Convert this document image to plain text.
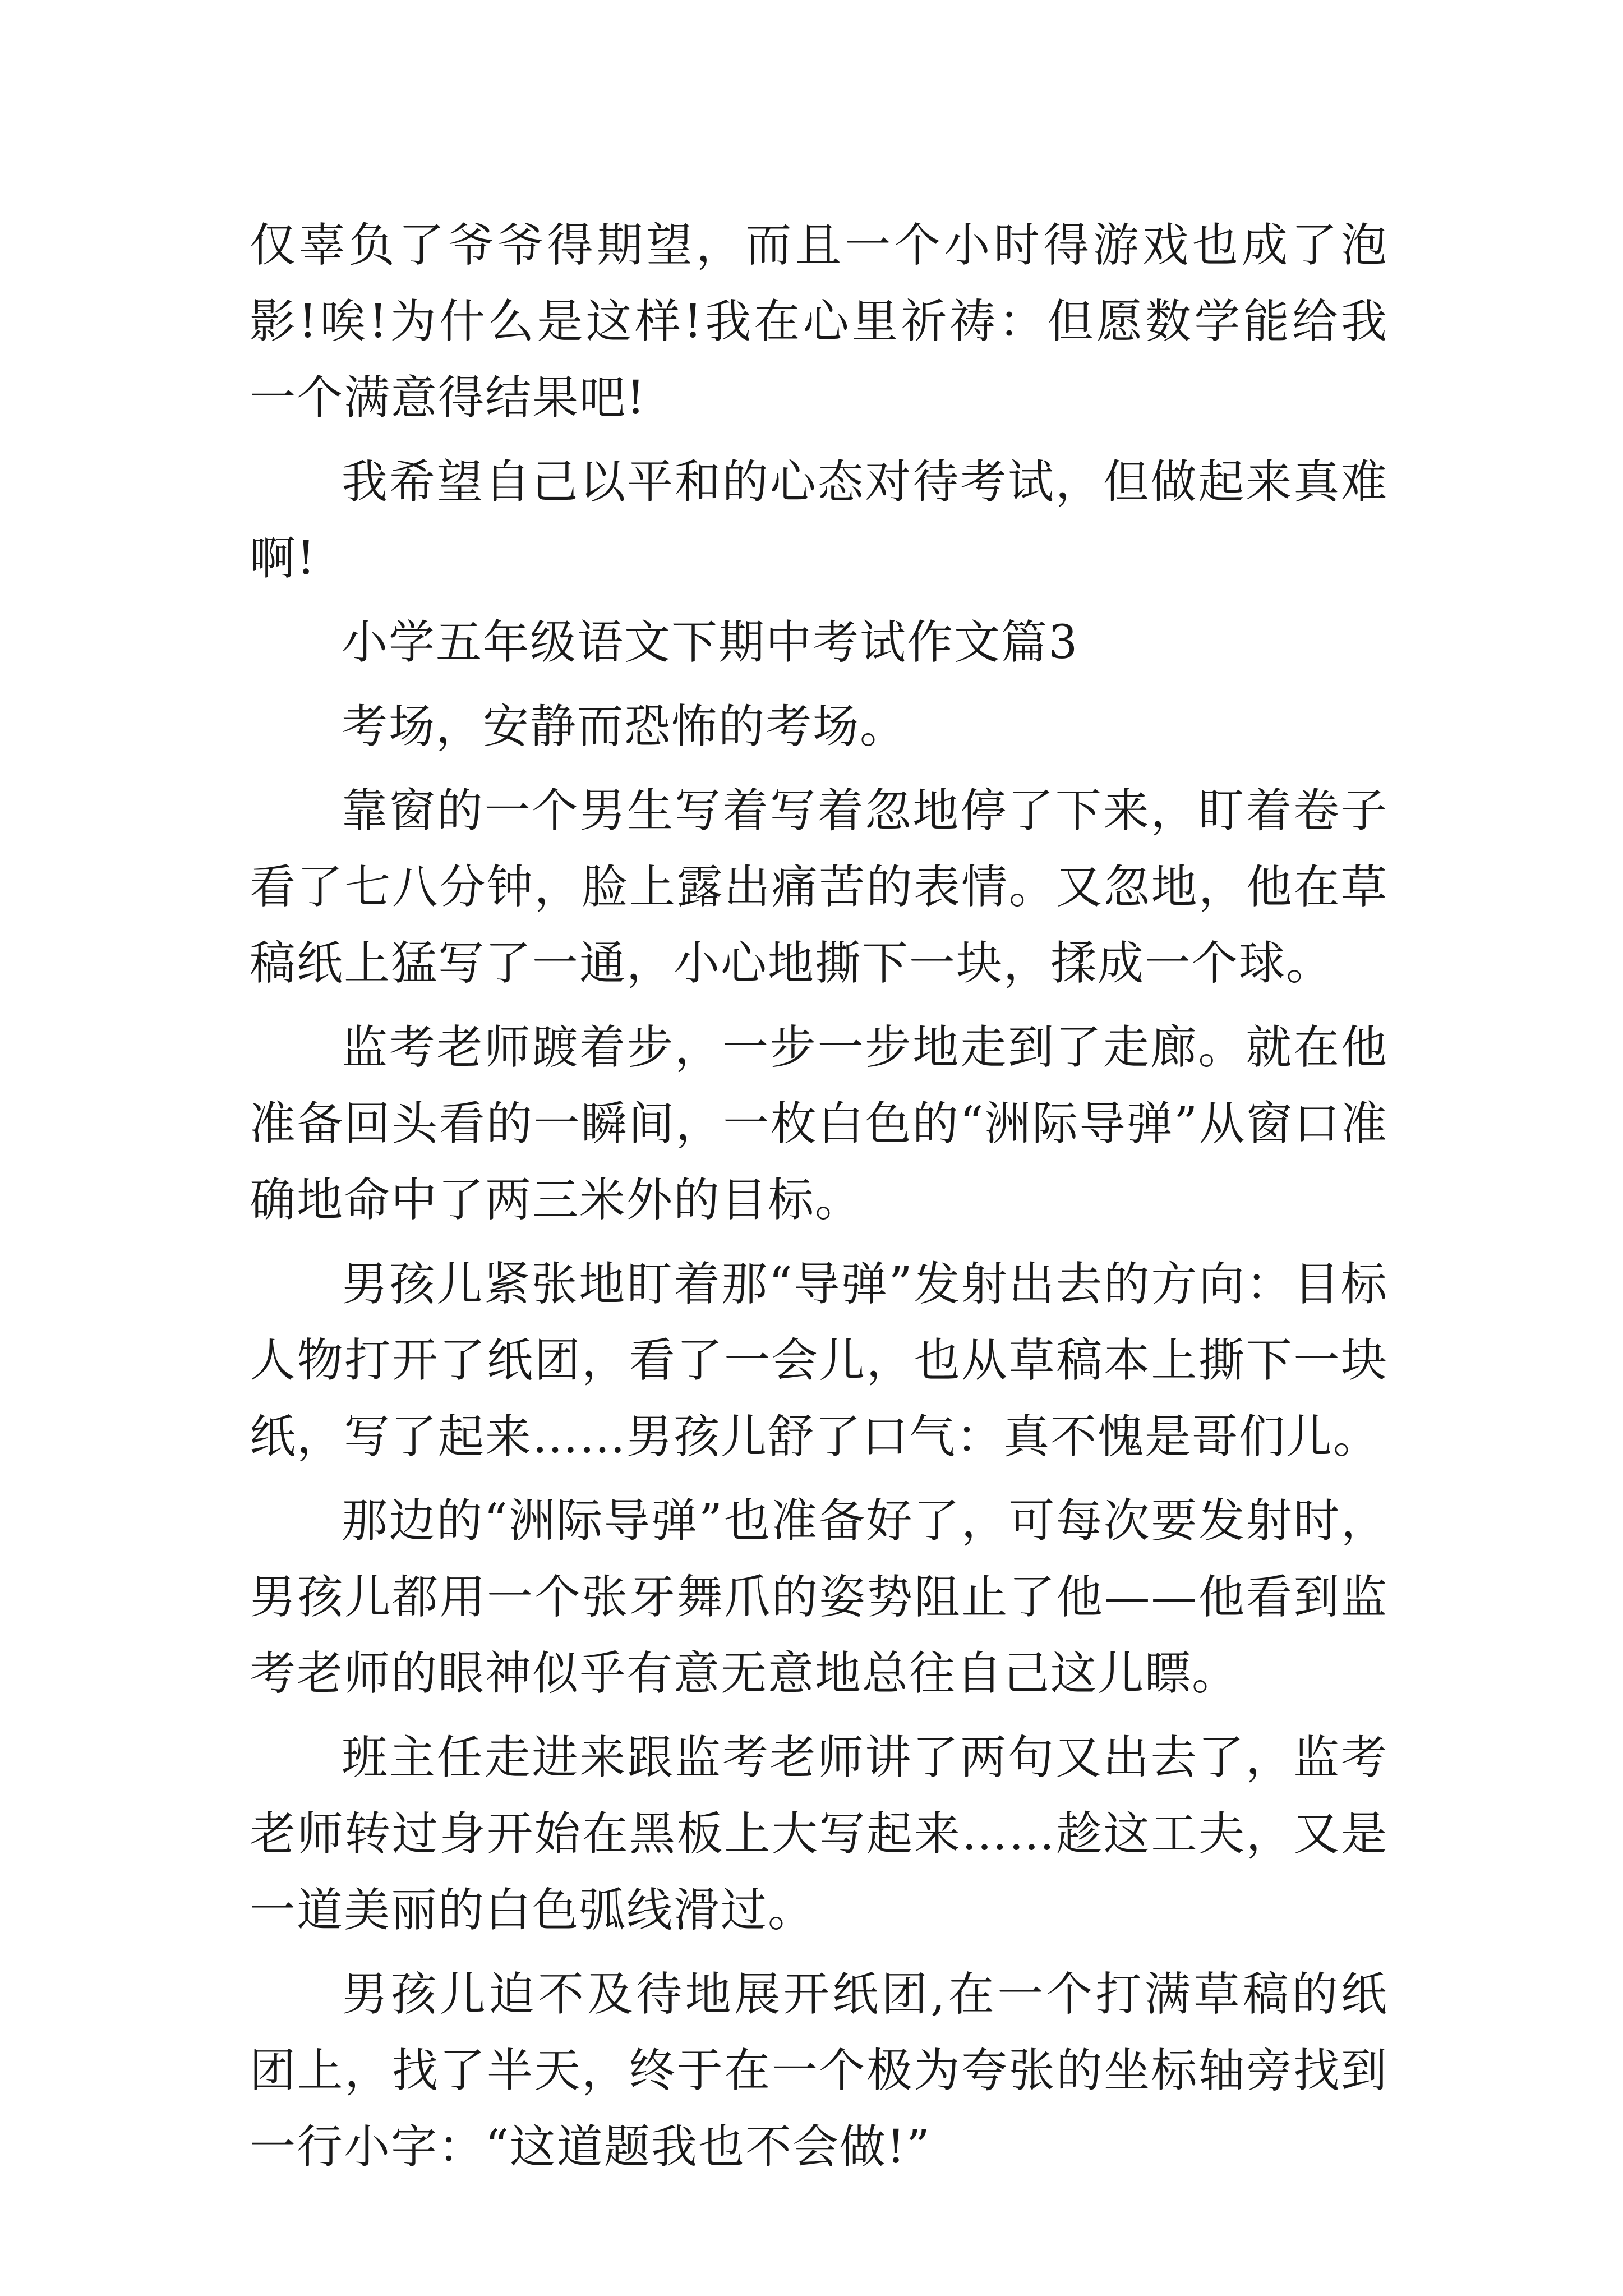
仅辜负了爷爷得期望，而且一个小时得游戏也成了泡影!唉!为什么是这样!我在心里祈祷：但愿数学能给我一个满意得结果吧!

我希望自己以平和的心态对待考试，但做起来真难啊!

小学五年级语文下期中考试作文篇3

考场，安静而恐怖的考场。

靠窗的一个男生写着写着忽地停了下来，盯着卷子看了七八分钟，脸上露出痛苦的表情。又忽地，他在草稿纸上猛写了一通，小心地撕下一块，揉成一个球。

监考老师踱着步，一步一步地走到了走廊。就在他准备回头看的一瞬间，一枚白色的“洲际导弹”从窗口准确地命中了两三米外的目标。

男孩儿紧张地盯着那“导弹”发射出去的方向：目标人物打开了纸团，看了一会儿，也从草稿本上撕下一块纸，写了起来……男孩儿舒了口气：真不愧是哥们儿。

那边的“洲际导弹”也准备好了，可每次要发射时，男孩儿都用一个张牙舞爪的姿势阻止了他——他看到监考老师的眼神似乎有意无意地总往自己这儿瞟。

班主任走进来跟监考老师讲了两句又出去了，监考老师转过身开始在黑板上大写起来……趁这工夫，又是一道美丽的白色弧线滑过。

男孩儿迫不及待地展开纸团,在一个打满草稿的纸团上，找了半天，终于在一个极为夸张的坐标轴旁找到一行小字：“这道题我也不会做!”
